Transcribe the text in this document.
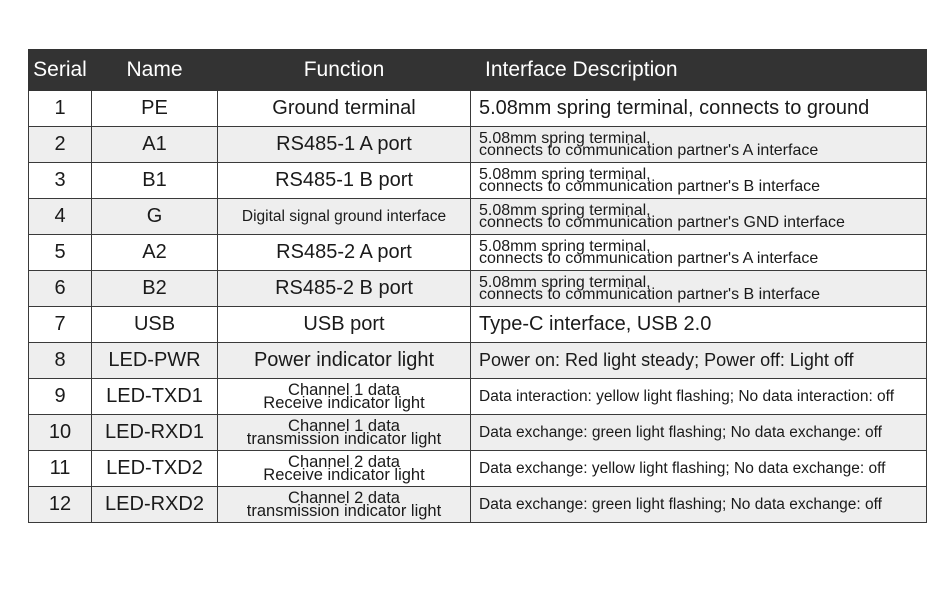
Serial	Name	Function	Interface Description
1	PE	Ground terminal	5.08mm spring terminal, connects to ground

2	A1	RS485-1 A port	5.08mm spring terminal,
connects to communication partner's A interface

3	B1	RS485-1 B port	5.08mm spring terminal,
connects to communication partner's B interface

4	G	Digital signal ground interface	5.08mm spring terminal,
connects to communication partner's GND interface

5	A2	RS485-2 A port	5.08mm spring terminal,
connects to communication partner's A interface

6	B2	RS485-2 B port	5.08mm spring terminal,
connects to communication partner's B interface

7	USB	USB port	Type-C interface, USB 2.0

8	LED-PWR	Power indicator light	Power on: Red light steady; Power off: Light off

9	LED-TXD1	Channel 1 data
Receive indicator light	Data interaction: yellow light flashing; No data interaction: off

10	LED-RXD1	Channel 1 data
transmission indicator light	Data exchange: green light flashing; No data exchange: off

11	LED-TXD2	Channel 2 data
Receive indicator light	Data exchange: yellow light flashing; No data exchange: off

12	LED-RXD2	Channel 2 data
transmission indicator light	Data exchange: green light flashing; No data exchange: off
